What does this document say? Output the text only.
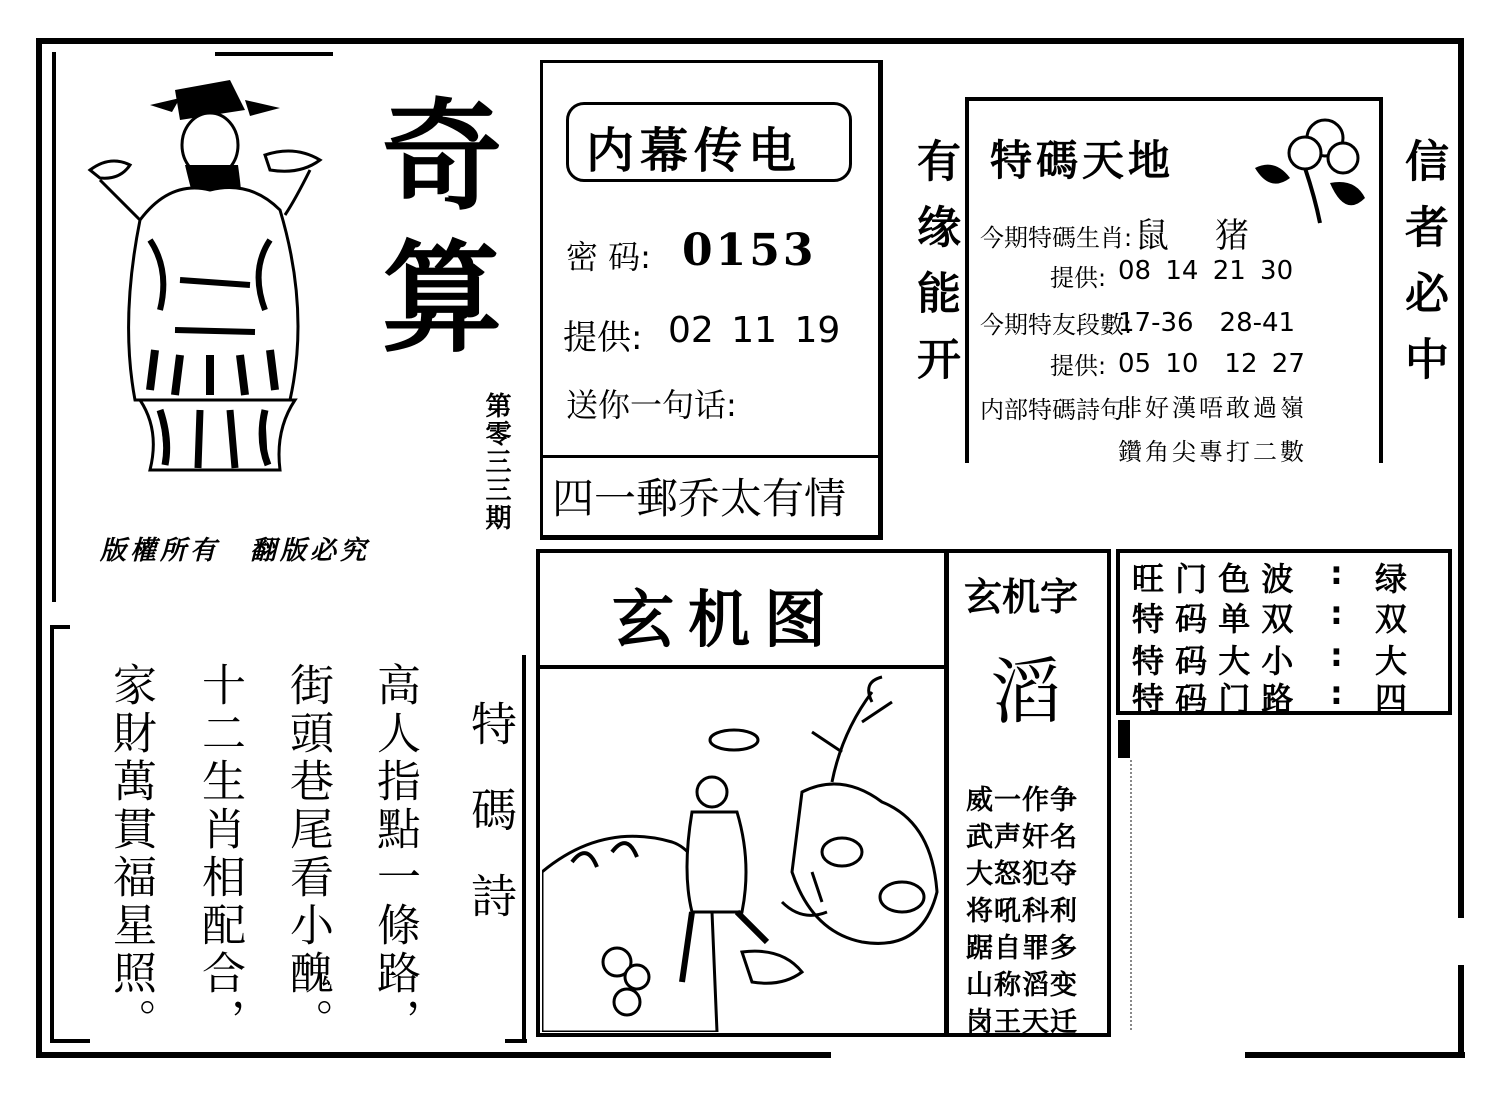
奇
算
第零三三期
版權所有　翻版必究
内幕传电
密 码: 0153
提供: 02 11 19
送你一句话:
四一郵乔太有情
有缘能开	信者必中
特碼天地
今期特碼生肖: 鼠　猪
提供: 08 14 21 30
今期特友段數:
17-36　28-41
提供: 05 10　12 27
内部特碼詩句:
非好漢唔敢過嶺
鑽角尖專打二數
玄机图	玄机字
滔
威一作争
武声奸名
大怒犯夺
将吼科利
踞自罪多
山称滔变
岗王天迁
旺 门 色 波 : 绿
特 码 单 双 : 双
特 码 大 小 : 大
特 码 门 路 : 四
特碼詩
高人指點一條路，
街頭巷尾看小醜。
十二生肖相配合，
家財萬貫福星照。
